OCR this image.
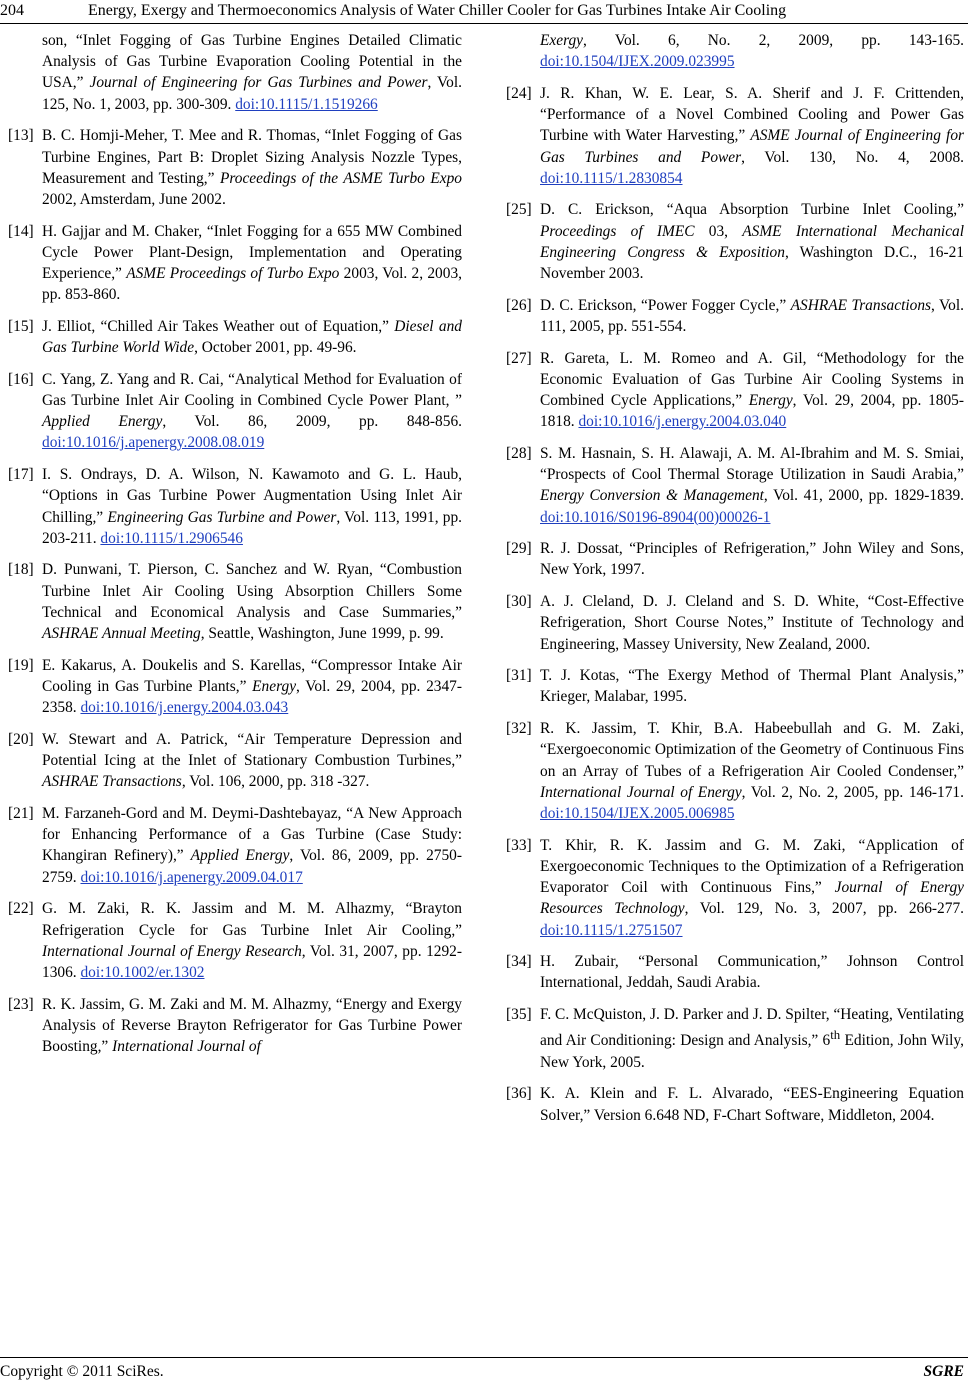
204	Energy, Exergy and Thermoeconomics Analysis of Water Chiller Cooler for Gas Turbines Intake Air Cooling
son, “Inlet Fogging of Gas Turbine Engines Detailed Climatic Analysis of Gas Turbine Evaporation Cooling Potential in the USA,” Journal of Engineering for Gas Turbines and Power, Vol. 125, No. 1, 2003, pp. 300-309. doi:10.1115/1.1519266
[13] B. C. Homji-Meher, T. Mee and R. Thomas, “Inlet Fogging of Gas Turbine Engines, Part B: Droplet Sizing Analysis Nozzle Types, Measurement and Testing,” Proceedings of the ASME Turbo Expo 2002, Amsterdam, June 2002.
[14] H. Gajjar and M. Chaker, “Inlet Fogging for a 655 MW Combined Cycle Power Plant-Design, Implementation and Operating Experience,” ASME Proceedings of Turbo Expo 2003, Vol. 2, 2003, pp. 853-860.
[15] J. Elliot, “Chilled Air Takes Weather out of Equation,” Diesel and Gas Turbine World Wide, October 2001, pp. 49-96.
[16] C. Yang, Z. Yang and R. Cai, “Analytical Method for Evaluation of Gas Turbine Inlet Air Cooling in Combined Cycle Power Plant, ” Applied Energy, Vol. 86, 2009, pp. 848-856. doi:10.1016/j.apenergy.2008.08.019
[17] I. S. Ondrays, D. A. Wilson, N. Kawamoto and G. L. Haub, “Options in Gas Turbine Power Augmentation Using Inlet Air Chilling,” Engineering Gas Turbine and Power, Vol. 113, 1991, pp. 203-211. doi:10.1115/1.2906546
[18] D. Punwani, T. Pierson, C. Sanchez and W. Ryan, “Combustion Turbine Inlet Air Cooling Using Absorption Chillers Some Technical and Economical Analysis and Case Summaries,” ASHRAE Annual Meeting, Seattle, Washington, June 1999, p. 99.
[19] E. Kakarus, A. Doukelis and S. Karellas, “Compressor Intake Air Cooling in Gas Turbine Plants,” Energy, Vol. 29, 2004, pp. 2347-2358. doi:10.1016/j.energy.2004.03.043
[20] W. Stewart and A. Patrick, “Air Temperature Depression and Potential Icing at the Inlet of Stationary Combustion Turbines,” ASHRAE Transactions, Vol. 106, 2000, pp. 318 -327.
[21] M. Farzaneh-Gord and M. Deymi-Dashtebayaz, “A New Approach for Enhancing Performance of a Gas Turbine (Case Study: Khangiran Refinery),” Applied Energy, Vol. 86, 2009, pp. 2750-2759. doi:10.1016/j.apenergy.2009.04.017
[22] G. M. Zaki, R. K. Jassim and M. M. Alhazmy, “Brayton Refrigeration Cycle for Gas Turbine Inlet Air Cooling,” International Journal of Energy Research, Vol. 31, 2007, pp. 1292-1306. doi:10.1002/er.1302
[23] R. K. Jassim, G. M. Zaki and M. M. Alhazmy, “Energy and Exergy Analysis of Reverse Brayton Refrigerator for Gas Turbine Power Boosting,” International Journal of
Exergy, Vol. 6, No. 2, 2009, pp. 143-165. doi:10.1504/IJEX.2009.023995
[24] J. R. Khan, W. E. Lear, S. A. Sherif and J. F. Crittenden, “Performance of a Novel Combined Cooling and Power Gas Turbine with Water Harvesting,” ASME Journal of Engineering for Gas Turbines and Power, Vol. 130, No. 4, 2008. doi:10.1115/1.2830854
[25] D. C. Erickson, “Aqua Absorption Turbine Inlet Cooling,” Proceedings of IMEC 03, ASME International Mechanical Engineering Congress & Exposition, Washington D.C., 16-21 November 2003.
[26] D. C. Erickson, “Power Fogger Cycle,” ASHRAE Transactions, Vol. 111, 2005, pp. 551-554.
[27] R. Gareta, L. M. Romeo and A. Gil, “Methodology for the Economic Evaluation of Gas Turbine Air Cooling Systems in Combined Cycle Applications,” Energy, Vol. 29, 2004, pp. 1805-1818. doi:10.1016/j.energy.2004.03.040
[28] S. M. Hasnain, S. H. Alawaji, A. M. Al-Ibrahim and M. S. Smiai, “Prospects of Cool Thermal Storage Utilization in Saudi Arabia,” Energy Conversion & Management, Vol. 41, 2000, pp. 1829-1839. doi:10.1016/S0196-8904(00)00026-1
[29] R. J. Dossat, “Principles of Refrigeration,” John Wiley and Sons, New York, 1997.
[30] A. J. Cleland, D. J. Cleland and S. D. White, “Cost-Effective Refrigeration, Short Course Notes,” Institute of Technology and Engineering, Massey University, New Zealand, 2000.
[31] T. J. Kotas, “The Exergy Method of Thermal Plant Analysis,” Krieger, Malabar, 1995.
[32] R. K. Jassim, T. Khir, B.A. Habeebullah and G. M. Zaki, “Exergoeconomic Optimization of the Geometry of Continuous Fins on an Array of Tubes of a Refrigeration Air Cooled Condenser,” International Journal of Energy, Vol. 2, No. 2, 2005, pp. 146-171. doi:10.1504/IJEX.2005.006985
[33] T. Khir, R. K. Jassim and G. M. Zaki, “Application of Exergoeconomic Techniques to the Optimization of a Refrigeration Evaporator Coil with Continuous Fins,” Journal of Energy Resources Technology, Vol. 129, No. 3, 2007, pp. 266-277. doi:10.1115/1.2751507
[34] H. Zubair, “Personal Communication,” Johnson Control International, Jeddah, Saudi Arabia.
[35] F. C. McQuiston, J. D. Parker and J. D. Spilter, “Heating, Ventilating and Air Conditioning: Design and Analysis,” 6th Edition, John Wily, New York, 2005.
[36] K. A. Klein and F. L. Alvarado, “EES-Engineering Equation Solver,” Version 6.648 ND, F-Chart Software, Middleton, 2004.
Copyright © 2011 SciRes.	SGRE
